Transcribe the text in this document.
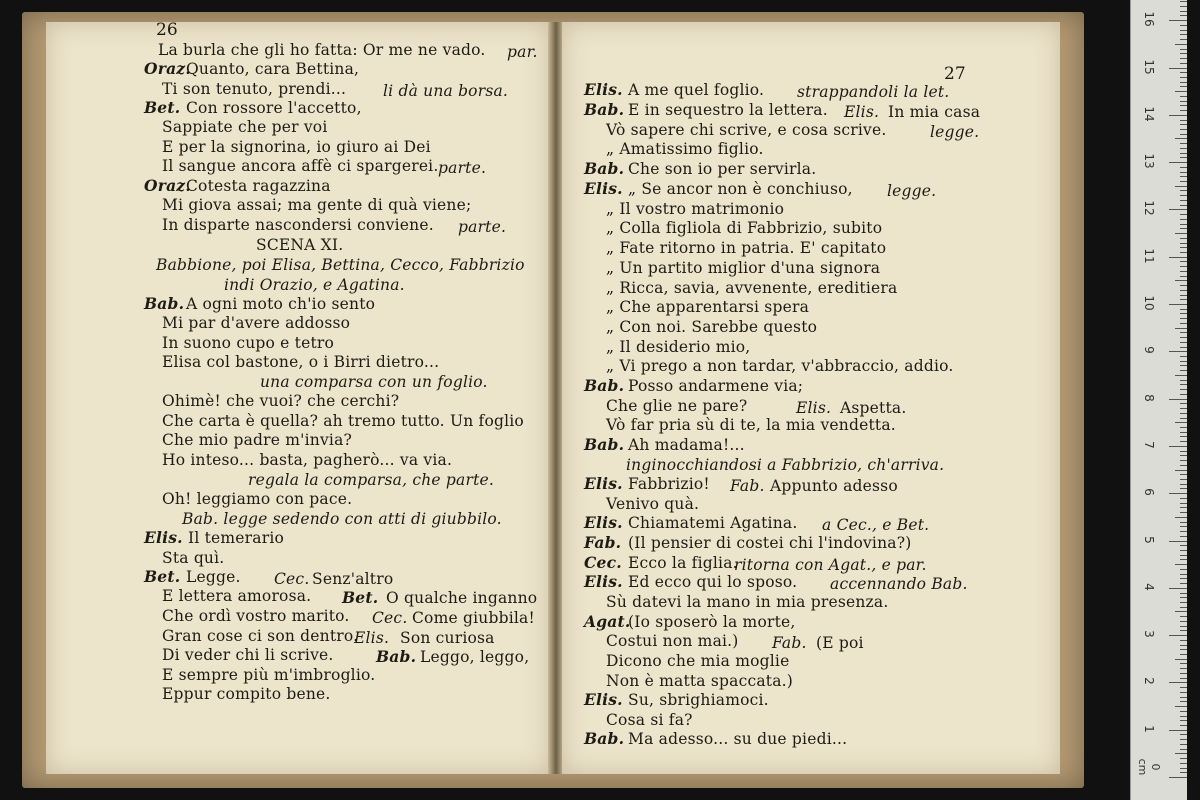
26
La burla che gli ho fatta: Or me ne vado. par.
Oraz.
Quanto, cara Bettina,
Ti son tenuto, prendi... li dà una borsa.
Bet. Con rossore l'accetto,
Sappiate che per voi
E per la signorina, io giuro ai Dei
Il sangue ancora affè ci spargerei. parte.
Oraz.
Cotesta ragazzina
Mi giova assai; ma gente di quà viene;
In disparte nascondersi conviene. parte.
SCENA XI.
Babbione, poi Elisa, Bettina, Cecco, Fabbrizio
indi Orazio, e Agatina.
Bab. A ogni moto ch'io sento
Mi par d'avere addosso
In suono cupo e tetro
Elisa col bastone, o i Birri dietro...
una comparsa con un foglio.
Ohimè! che vuoi? che cerchi?
Che carta è quella? ah tremo tutto. Un foglio
Che mio padre m'invia?
Ho inteso... basta, pagherò... va via.
regala la comparsa, che parte.
Oh! leggiamo con pace.
Bab. legge sedendo con atti di giubbilo.
Elis. Il temerario
Sta quì.
Bet. Legge. Cec. Senz'altro
E lettera amorosa. Bet. O qualche inganno
Che ordì vostro marito. Cec. Come giubbila!
Gran cose ci son dentro.
Elis. Son curiosa
Di veder chi li scrive.	Bab. Leggo, leggo,
E sempre più m'imbroglio.
Eppur compito bene.
27
Elis. A me quel foglio. strappandoli la let.
Bab. E in sequestro la lettera. Elis. In mia casa
Vò sapere chi scrive, e cosa scrive.	legge.
„ Amatissimo figlio.
Bab. Che son io per servirla.
Elis. „ Se ancor non è conchiuso, legge.
„ Il vostro matrimonio
„ Colla figliola di Fabbrizio, subito
„ Fate ritorno in patria. E' capitato
„ Un partito miglior d'una signora
„ Ricca, savia, avvenente, ereditiera
„ Che apparentarsi spera
„ Con noi. Sarebbe questo
„ Il desiderio mio,
„ Vi prego a non tardar, v'abbraccio, addio.
Bab. Posso andarmene via;
Che glie ne pare?	Elis. Aspetta.
Vò far pria sù di te, la mia vendetta.
Bab. Ah madama!...
inginocchiandosi a Fabbrizio, ch'arriva.
Elis. Fabbrizio! Fab. Appunto adesso
Venivo quà.
Elis. Chiamatemi Agatina. a Cec., e Bet.
Fab. (Il pensier di costei chi l'indovina?)
Cec. Ecco la figlia.
ritorna con Agat., e par.
Elis. Ed ecco qui lo sposo. accennando Bab.
Sù datevi la mano in mia presenza.
Agat.
(Io sposerò la morte,
Costui non mai.) Fab. (E poi
Dicono che mia moglie
Non è matta spaccata.)
Elis. Su, sbrighiamoci.
Cosa si fa?
Bab. Ma adesso... su due piedi...
0 cm
1
2
3
4
5
6
7
8
9
10
11
12
13
14
15
16
